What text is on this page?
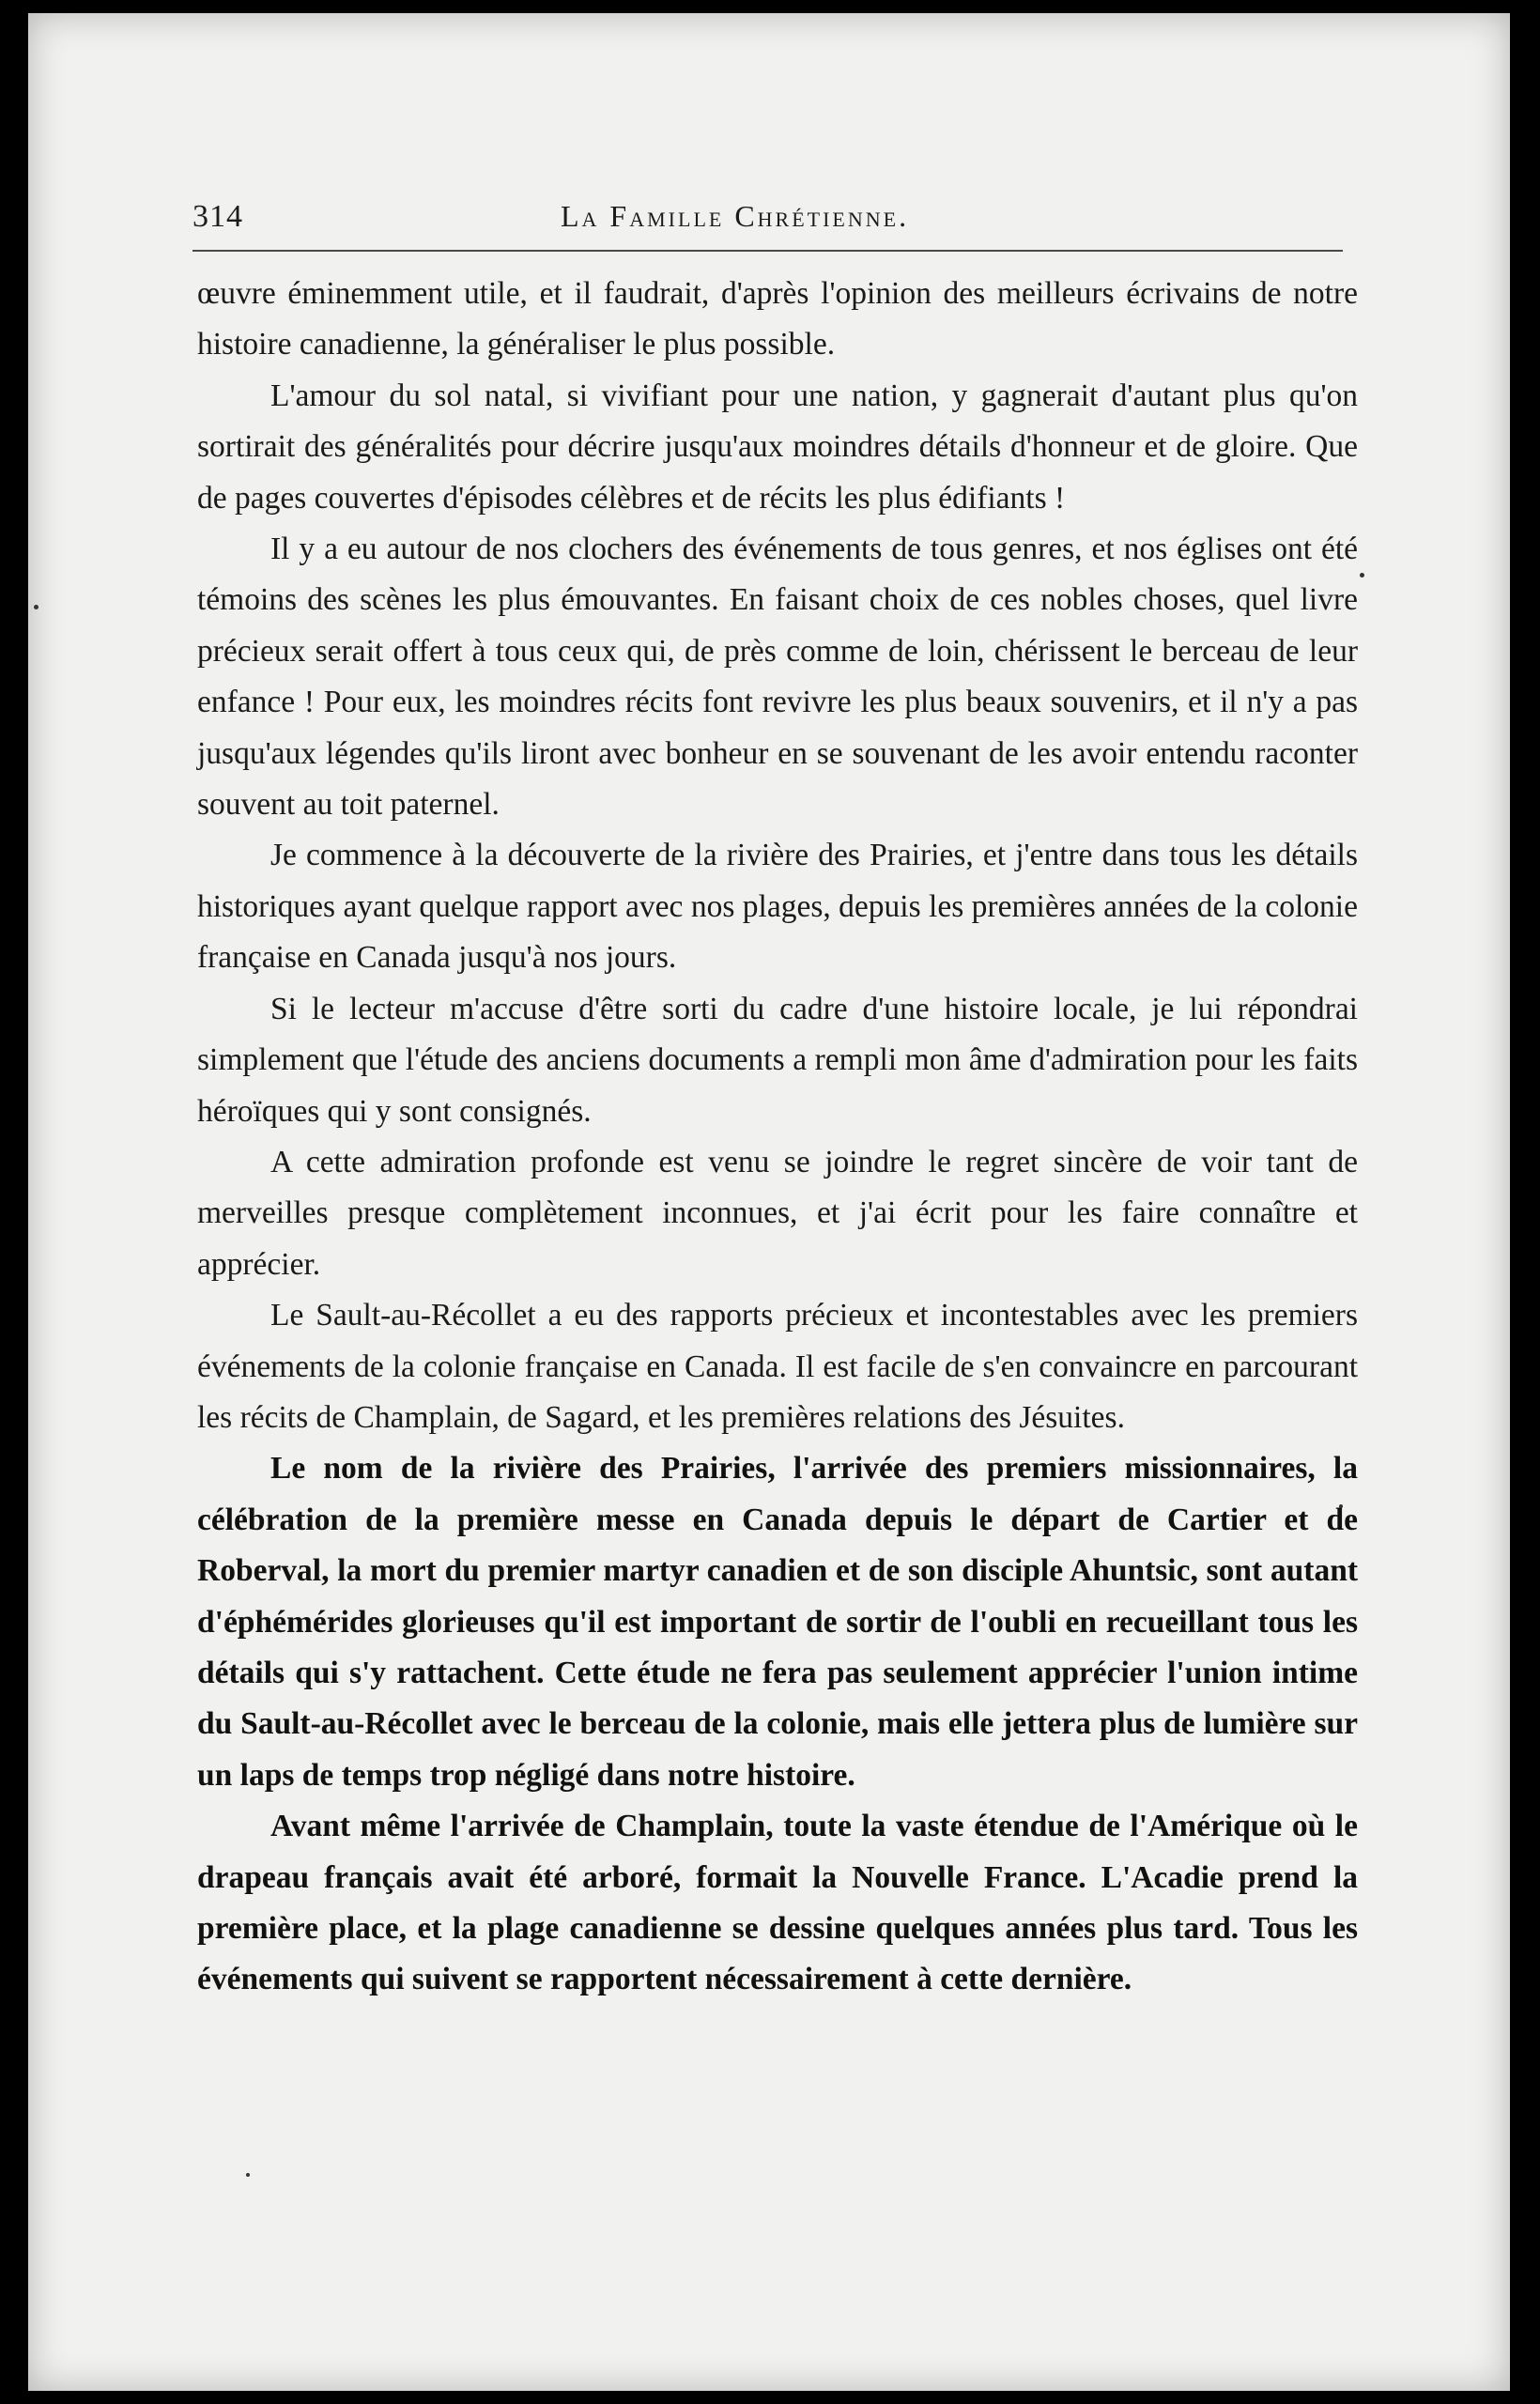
314	La Famille Chrétienne.

œuvre éminemment utile, et il faudrait, d'après l'opinion des meilleurs écrivains de notre histoire canadienne, la généraliser le plus possible.

L'amour du sol natal, si vivifiant pour une nation, y gagnerait d'autant plus qu'on sortirait des généralités pour décrire jusqu'aux moindres détails d'honneur et de gloire. Que de pages couvertes d'épisodes célèbres et de récits les plus édifiants !

Il y a eu autour de nos clochers des événements de tous genres, et nos églises ont été témoins des scènes les plus émouvantes. En faisant choix de ces nobles choses, quel livre précieux serait offert à tous ceux qui, de près comme de loin, chérissent le berceau de leur enfance ! Pour eux, les moindres récits font revivre les plus beaux souvenirs, et il n'y a pas jusqu'aux légendes qu'ils liront avec bonheur en se souvenant de les avoir entendu raconter souvent au toit paternel.

Je commence à la découverte de la rivière des Prairies, et j'entre dans tous les détails historiques ayant quelque rapport avec nos plages, depuis les premières années de la colonie française en Canada jusqu'à nos jours.

Si le lecteur m'accuse d'être sorti du cadre d'une histoire locale, je lui répondrai simplement que l'étude des anciens documents a rempli mon âme d'admiration pour les faits héroïques qui y sont consignés.

A cette admiration profonde est venu se joindre le regret sincère de voir tant de merveilles presque complètement inconnues, et j'ai écrit pour les faire connaître et apprécier.

Le Sault-au-Récollet a eu des rapports précieux et incontestables avec les premiers événements de la colonie française en Canada. Il est facile de s'en convaincre en parcourant les récits de Champlain, de Sagard, et les premières relations des Jésuites.

Le nom de la rivière des Prairies, l'arrivée des premiers missionnaires, la célébration de la première messe en Canada depuis le départ de Cartier et de Roberval, la mort du premier martyr canadien et de son disciple Ahuntsic, sont autant d'éphémérides glorieuses qu'il est important de sortir de l'oubli en recueillant tous les détails qui s'y rattachent. Cette étude ne fera pas seulement apprécier l'union intime du Sault-au-Récollet avec le berceau de la colonie, mais elle jettera plus de lumière sur un laps de temps trop négligé dans notre histoire.

Avant même l'arrivée de Champlain, toute la vaste étendue de l'Amérique où le drapeau français avait été arboré, formait la Nouvelle France. L'Acadie prend la première place, et la plage canadienne se dessine quelques années plus tard. Tous les événements qui suivent se rapportent nécessairement à cette dernière.
